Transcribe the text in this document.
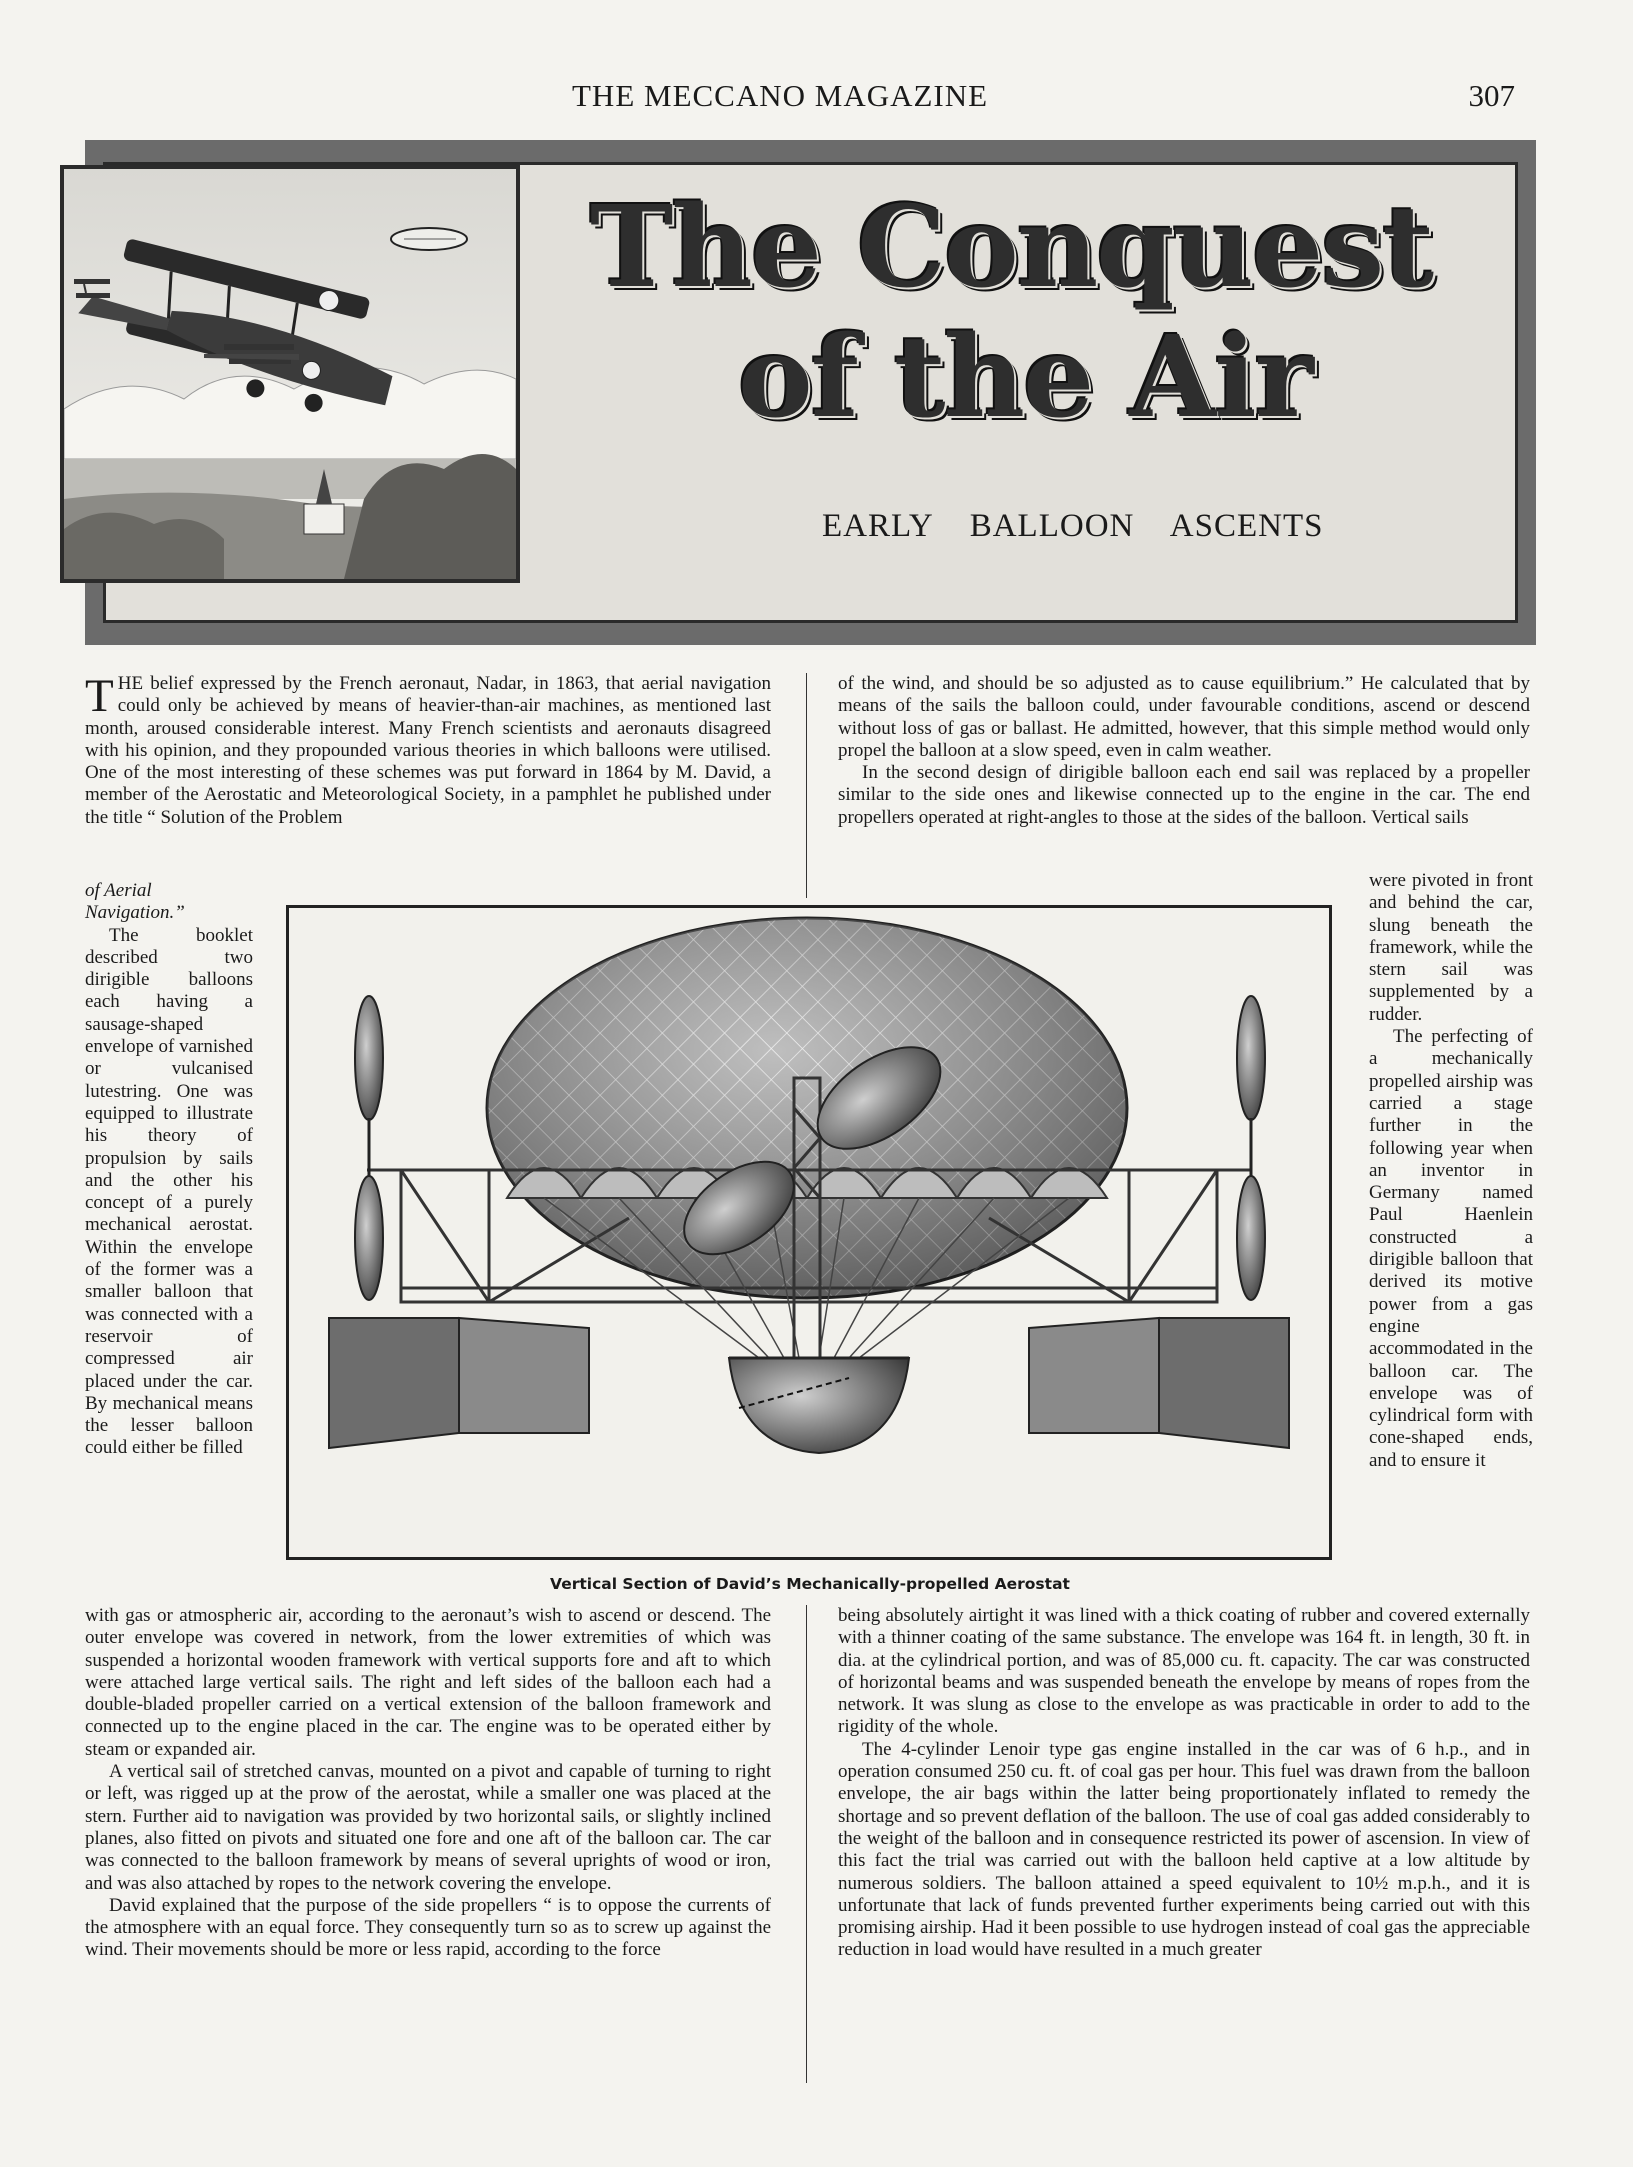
THE MECCANO MAGAZINE	307
The Conquest
of the Air
EARLY BALLOON ASCENTS

THE belief expressed by the French aeronaut, Nadar, in 1863, that aerial navigation could only be achieved by means of heavier-than-air machines, as mentioned last month, aroused considerable interest. Many French scientists and aeronauts disagreed with his opinion, and they propounded various theories in which balloons were utilised. One of the most interesting of these schemes was put forward in 1864 by M. David, a member of the Aerostatic and Meteorological Society, in a pamphlet he published under the title “ Solution of the Problem

of the wind, and should be so adjusted as to cause equilibrium.” He calculated that by means of the sails the balloon could, under favourable conditions, ascend or descend without loss of gas or ballast. He admitted, however, that this simple method would only propel the balloon at a slow speed, even in calm weather.

In the second design of dirigible balloon each end sail was replaced by a propeller similar to the side ones and likewise connected up to the engine in the car. The end propellers operated at right-angles to those at the sides of the balloon. Vertical sails

of Aerial Navigation.”

The booklet described two dirigible balloons each having a sausage-shaped envelope of varnished or vulcanised lutestring. One was equipped to illustrate his theory of propulsion by sails and the other his concept of a purely mechanical aerostat. Within the envelope of the former was a smaller balloon that was connected with a reservoir of compressed air placed under the car. By mechanical means the lesser balloon could either be filled

were pivoted in front and behind the car, slung beneath the framework, while the stern sail was supplemented by a rudder.

The perfecting of a mechanically propelled airship was carried a stage further in the following year when an inventor in Germany named Paul Haenlein constructed a dirigible balloon that derived its motive power from a gas engine accommodated in the balloon car. The envelope was of cylindrical form with cone-shaped ends, and to ensure it

Vertical Section of David’s Mechanically-propelled Aerostat

with gas or atmospheric air, according to the aeronaut’s wish to ascend or descend. The outer envelope was covered in network, from the lower extremities of which was suspended a horizontal wooden framework with vertical supports fore and aft to which were attached large vertical sails. The right and left sides of the balloon each had a double-bladed propeller carried on a vertical extension of the balloon framework and connected up to the engine placed in the car. The engine was to be operated either by steam or expanded air.

A vertical sail of stretched canvas, mounted on a pivot and capable of turning to right or left, was rigged up at the prow of the aerostat, while a smaller one was placed at the stern. Further aid to navigation was provided by two horizontal sails, or slightly inclined planes, also fitted on pivots and situated one fore and one aft of the balloon car. The car was connected to the balloon framework by means of several uprights of wood or iron, and was also attached by ropes to the network covering the envelope.

David explained that the purpose of the side propellers “ is to oppose the currents of the atmosphere with an equal force. They consequently turn so as to screw up against the wind. Their movements should be more or less rapid, according to the force

being absolutely airtight it was lined with a thick coating of rubber and covered externally with a thinner coating of the same substance. The envelope was 164 ft. in length, 30 ft. in dia. at the cylindrical portion, and was of 85,000 cu. ft. capacity. The car was constructed of horizontal beams and was suspended beneath the envelope by means of ropes from the network. It was slung as close to the envelope as was practicable in order to add to the rigidity of the whole.

The 4-cylinder Lenoir type gas engine installed in the car was of 6 h.p., and in operation consumed 250 cu. ft. of coal gas per hour. This fuel was drawn from the balloon envelope, the air bags within the latter being proportionately inflated to remedy the shortage and so prevent deflation of the balloon. The use of coal gas added considerably to the weight of the balloon and in consequence restricted its power of ascension. In view of this fact the trial was carried out with the balloon held captive at a low altitude by numerous soldiers. The balloon attained a speed equivalent to 10½ m.p.h., and it is unfortunate that lack of funds prevented further experiments being carried out with this promising airship. Had it been possible to use hydrogen instead of coal gas the appreciable reduction in load would have resulted in a much greater
